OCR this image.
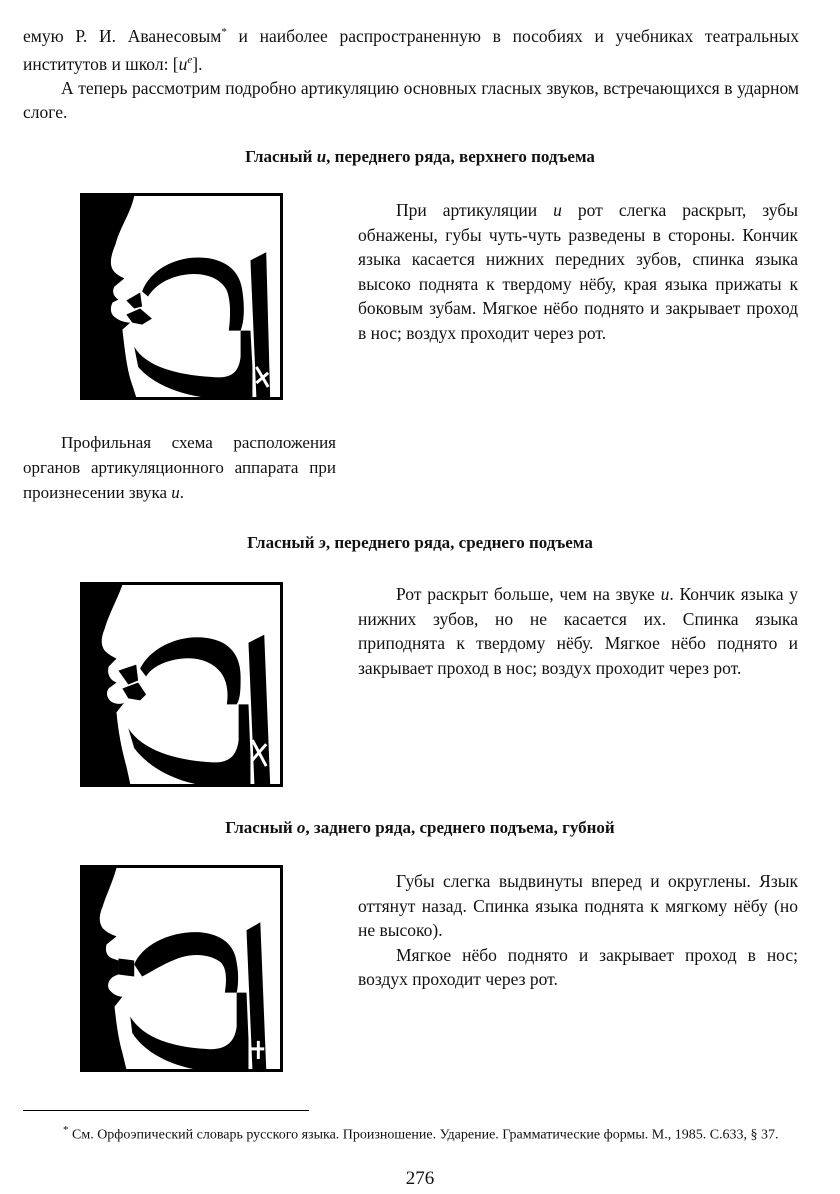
емую Р. И. Аванесовым* и наиболее распространенную в пособиях и учебниках театральных институтов и школ: $[и^е]$.

А теперь рассмотрим подробно артикуляцию основных гласных звуков, встречающихся в ударном слоге.

Гласный и, переднего ряда, верхнего подъема

При артикуляции и рот слегка раскрыт, зубы обнажены, губы чуть-чуть разведены в стороны. Кончик языка касается нижних передних зубов, спинка языка высоко поднята к твердому нёбу, края языка прижаты к боковым зубам. Мягкое нёбо поднято и закрывает проход в нос; воздух проходит через рот.

Профильная схема расположения органов артикуляционного аппарата при произнесении звука и.
Гласный э, переднего ряда, среднего подъема

Рот раскрыт больше, чем на звуке и. Кончик языка у нижних зубов, но не касается их. Спинка языка приподнята к твердому нёбу. Мягкое нёбо поднято и закрывает проход в нос; воздух проходит через рот.

Гласный о, заднего ряда, среднего подъема, губной

Губы слегка выдвинуты вперед и округлены. Язык оттянут назад. Спинка языка поднята к мягкому нёбу (но не высоко).

Мягкое нёбо поднято и закрывает проход в нос; воздух проходит через рот.

* См. Орфоэпический словарь русского языка. Произношение. Ударение. Грамматические формы. М., 1985. С.633, § 37.
276
